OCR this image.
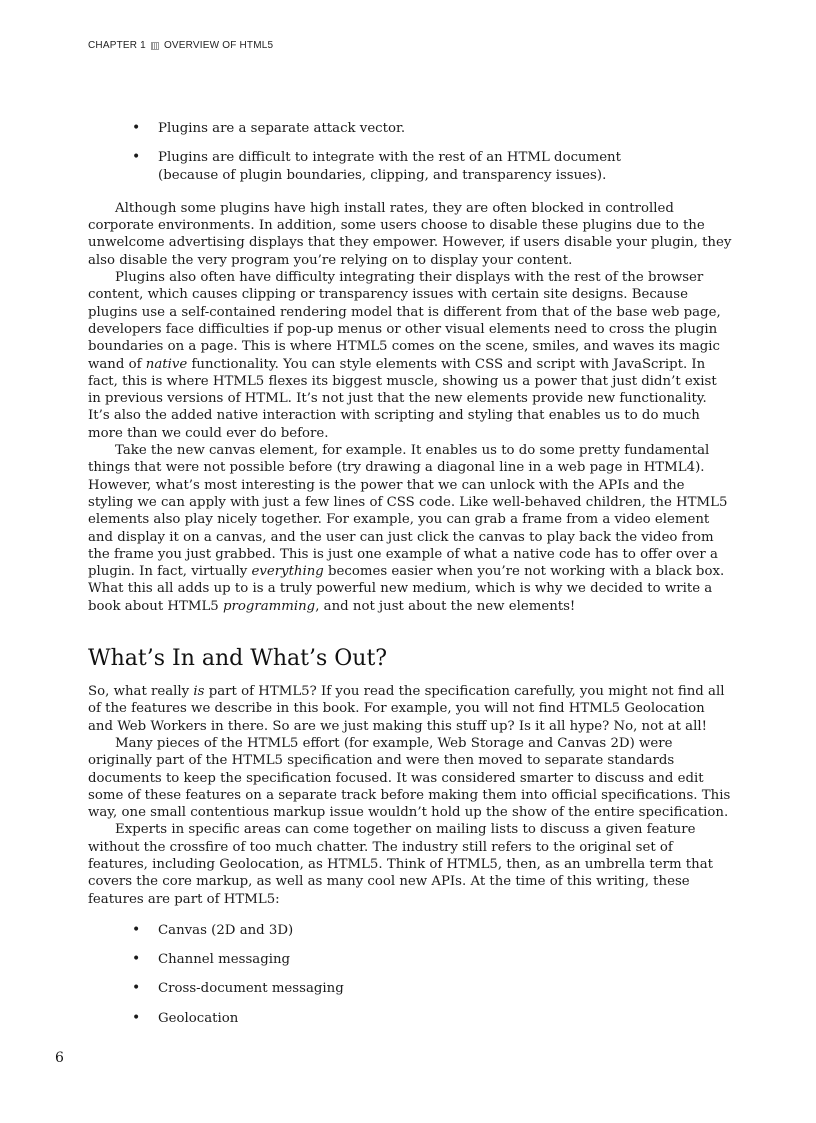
CHAPTER 1 OVERVIEW OF HTML5
• Plugins are a separate attack vector.
• Plugins are difficult to integrate with the rest of an HTML document (because of plugin boundaries, clipping, and transparency issues).

Although some plugins have high install rates, they are often blocked in controlled corporate environments. In addition, some users choose to disable these plugins due to the unwelcome advertising displays that they empower. However, if users disable your plugin, they also disable the very program you’re relying on to display your content.

Plugins also often have difficulty integrating their displays with the rest of the browser content, which causes clipping or transparency issues with certain site designs. Because plugins use a self-contained rendering model that is different from that of the base web page, developers face difficulties if pop-up menus or other visual elements need to cross the plugin boundaries on a page. This is where HTML5 comes on the scene, smiles, and waves its magic wand of native functionality. You can style elements with CSS and script with JavaScript. In fact, this is where HTML5 flexes its biggest muscle, showing us a power that just didn’t exist in previous versions of HTML. It’s not just that the new elements provide new functionality. It’s also the added native interaction with scripting and styling that enables us to do much more than we could ever do before.

Take the new canvas element, for example. It enables us to do some pretty fundamental things that were not possible before (try drawing a diagonal line in a web page in HTML4). However, what’s most interesting is the power that we can unlock with the APIs and the styling we can apply with just a few lines of CSS code. Like well-behaved children, the HTML5 elements also play nicely together. For example, you can grab a frame from a video element and display it on a canvas, and the user can just click the canvas to play back the video from the frame you just grabbed. This is just one example of what a native code has to offer over a plugin. In fact, virtually everything becomes easier when you’re not working with a black box. What this all adds up to is a truly powerful new medium, which is why we decided to write a book about HTML5 programming, and not just about the new elements!

What’s In and What’s Out?

So, what really is part of HTML5? If you read the specification carefully, you might not find all of the features we describe in this book. For example, you will not find HTML5 Geolocation and Web Workers in there. So are we just making this stuff up? Is it all hype? No, not at all!

Many pieces of the HTML5 effort (for example, Web Storage and Canvas 2D) were originally part of the HTML5 specification and were then moved to separate standards documents to keep the specification focused. It was considered smarter to discuss and edit some of these features on a separate track before making them into official specifications. This way, one small contentious markup issue wouldn’t hold up the show of the entire specification.

Experts in specific areas can come together on mailing lists to discuss a given feature without the crossfire of too much chatter. The industry still refers to the original set of features, including Geolocation, as HTML5. Think of HTML5, then, as an umbrella term that covers the core markup, as well as many cool new APIs. At the time of this writing, these features are part of HTML5:

• Canvas (2D and 3D)
• Channel messaging
• Cross-document messaging
• Geolocation
6
